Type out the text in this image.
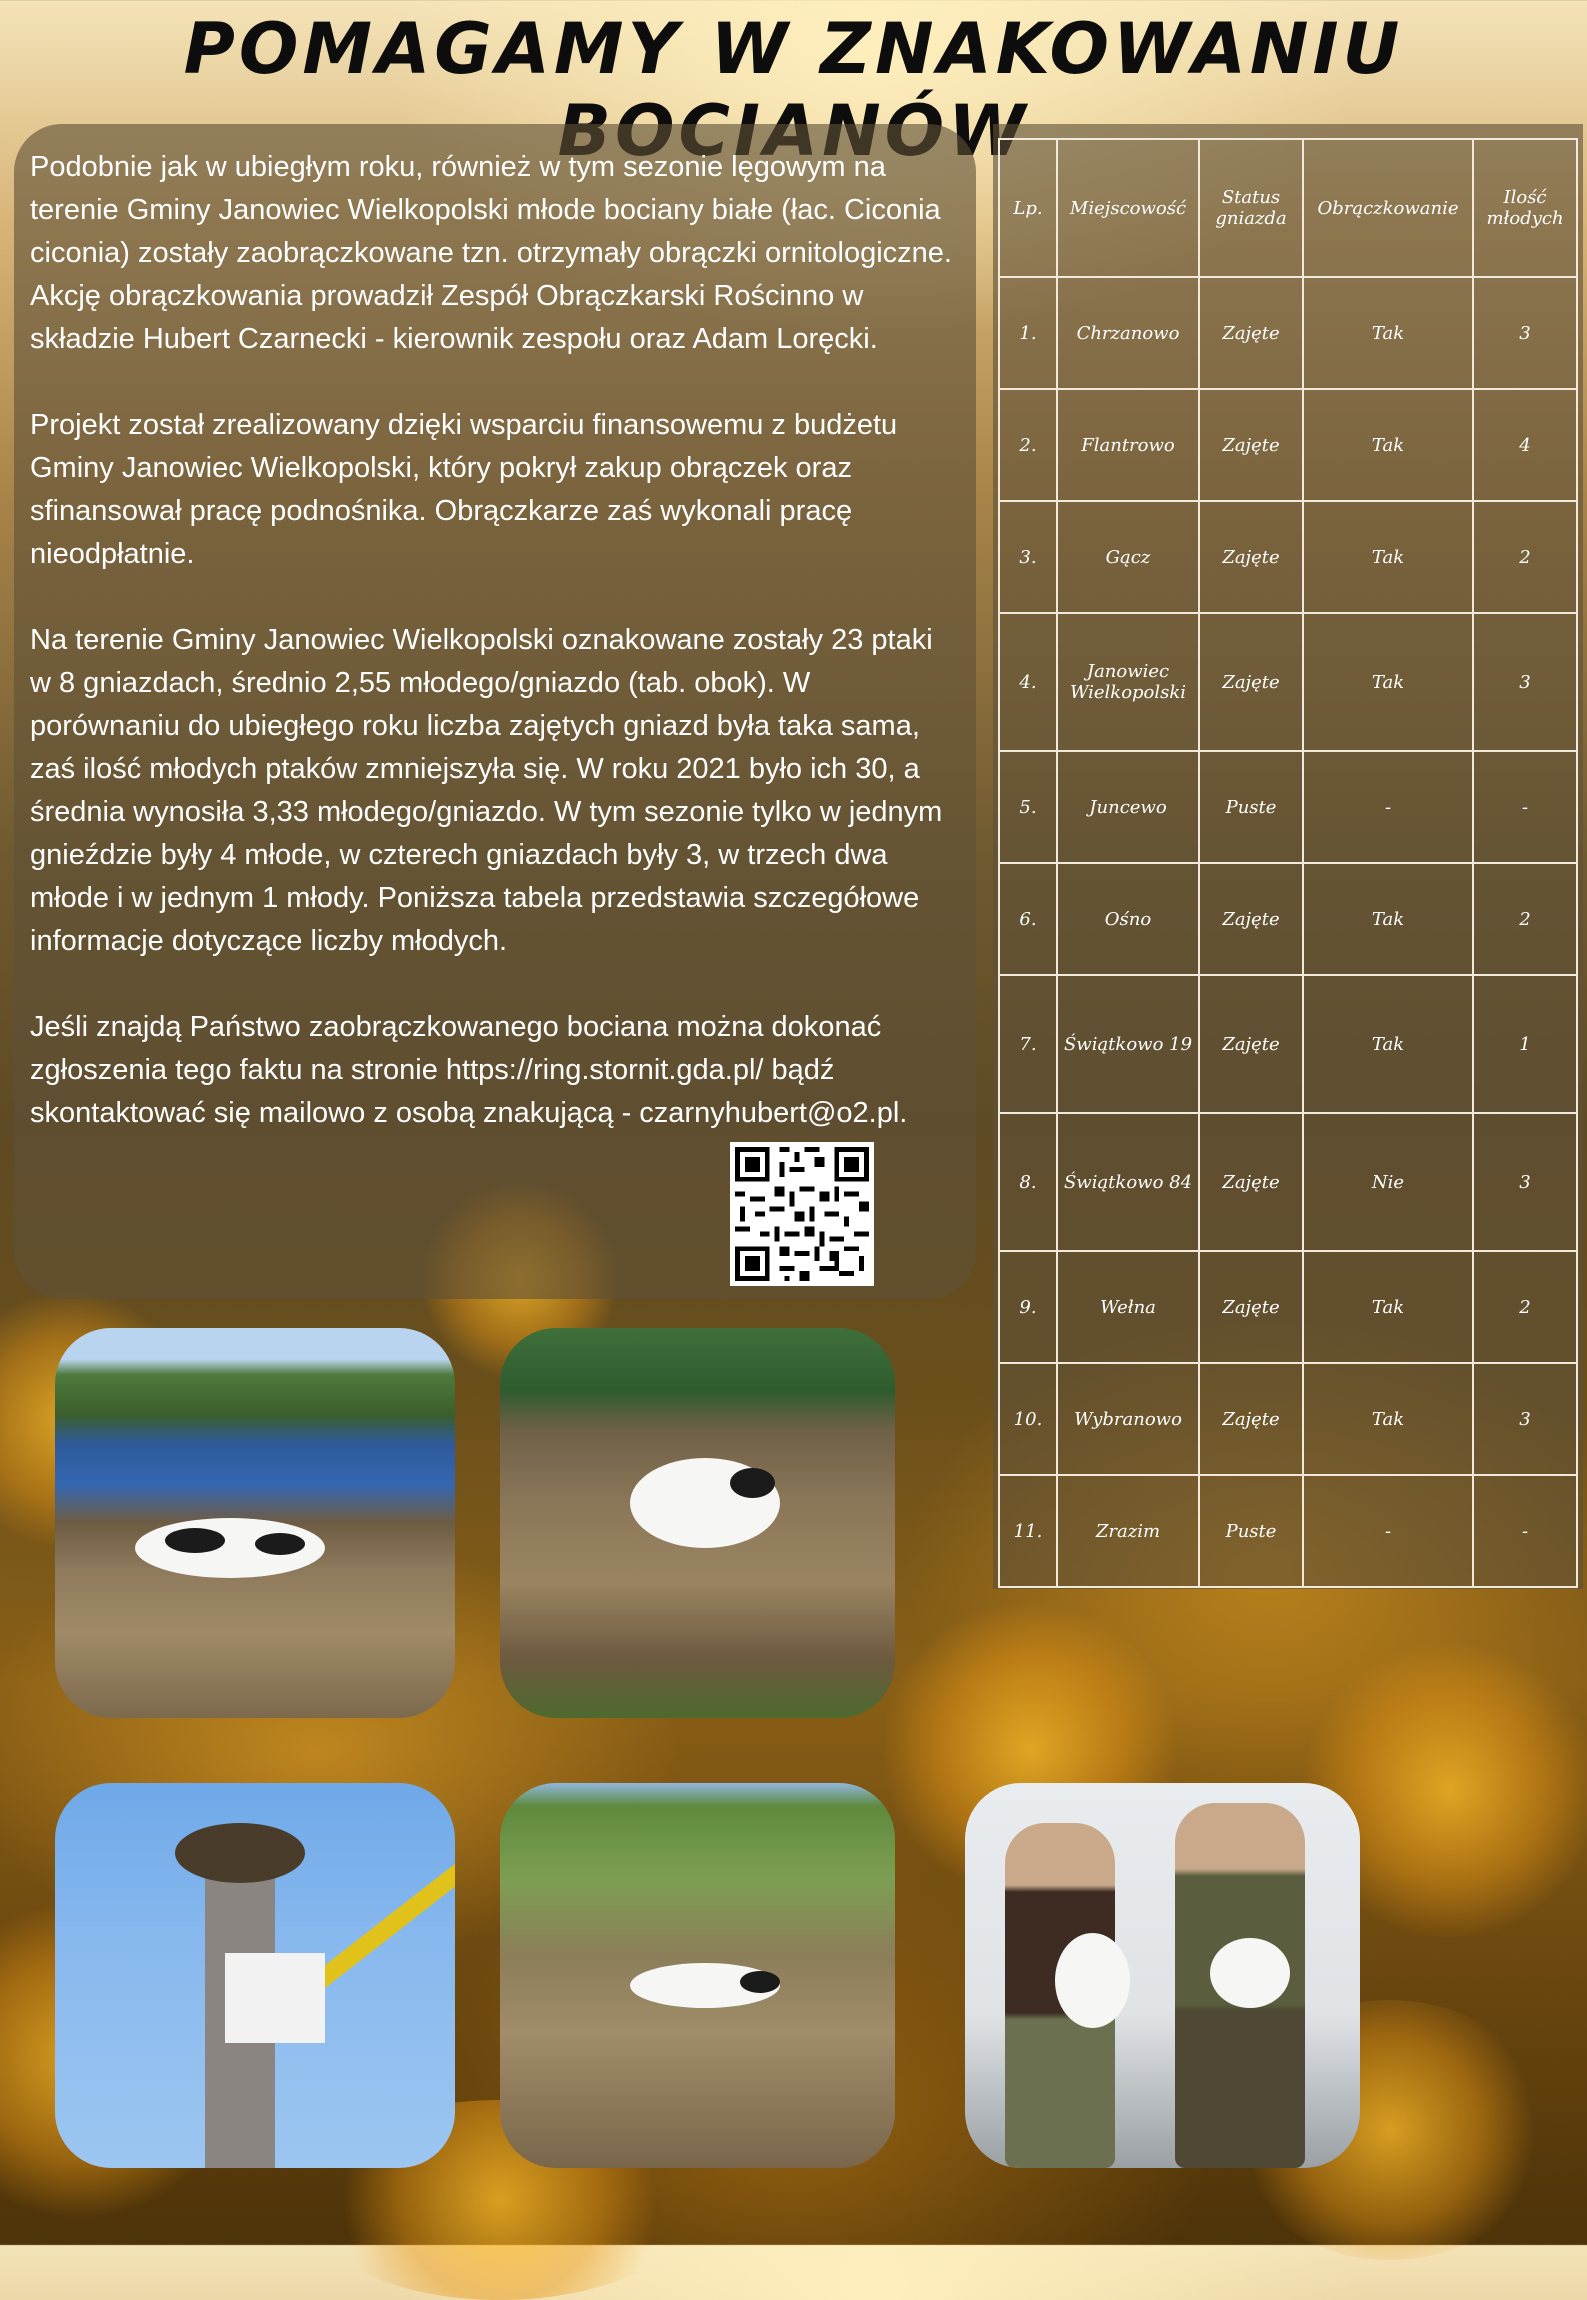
POMAGAMY W ZNAKOWANIU

Podobnie jak w ubiegłym roku, również w tym sezonie lęgowym na terenie Gminy Janowiec Wielkopolski młode bociany białe (łac. Ciconia ciconia) zostały zaobrączkowane tzn. otrzymały obrączki ornitologiczne. Akcję obrączkowania prowadził Zespół Obrączkarski Rościnno w składzie Hubert Czarnecki - kierownik zespołu oraz Adam Loręcki.

Projekt został zrealizowany dzięki wsparciu finansowemu z budżetu Gminy Janowiec Wielkopolski, który pokrył zakup obrączek oraz sfinansował pracę podnośnika. Obrączkarze zaś wykonali pracę nieodpłatnie.

Na terenie Gminy Janowiec Wielkopolski oznakowane zostały 23 ptaki w 8 gniazdach, średnio 2,55 młodego/gniazdo (tab. obok). W porównaniu do ubiegłego roku liczba zajętych gniazd była taka sama, zaś ilość młodych ptaków zmniejszyła się. W roku 2021 było ich 30, a średnia wynosiła 3,33 młodego/gniazdo. W tym sezonie tylko w jednym gnieździe były 4 młode, w czterech gniazdach były 3, w trzech dwa młode i w jednym 1 młody. Poniższa tabela przedstawia szczegółowe informacje dotyczące liczby młodych.

Jeśli znajdą Państwo zaobrączkowanego bociana można dokonać zgłoszenia tego faktu na stronie https://ring.stornit.gda.pl/ bądź skontaktować się mailowo z osobą znakującą - czarnyhubert@o2.pl.

Lp.	Miejscowość	Status gniazda	Obrączkowanie	Ilość młodych
1.	Chrzanowo	Zajęte	Tak	3
2.	Flantrowo	Zajęte	Tak	4
3.	Gącz	Zajęte	Tak	2
4.	Janowiec Wielkopolski	Zajęte	Tak	3
5.	Juncewo	Puste	-	-
6.	Ośno	Zajęte	Tak	2
7.	Świątkowo 19	Zajęte	Tak	1
8.	Świątkowo 84	Zajęte	Nie	3
9.	Wełna	Zajęte	Tak	2
10.	Wybranowo	Zajęte	Tak	3
11.	Zrazim	Puste	-	-
